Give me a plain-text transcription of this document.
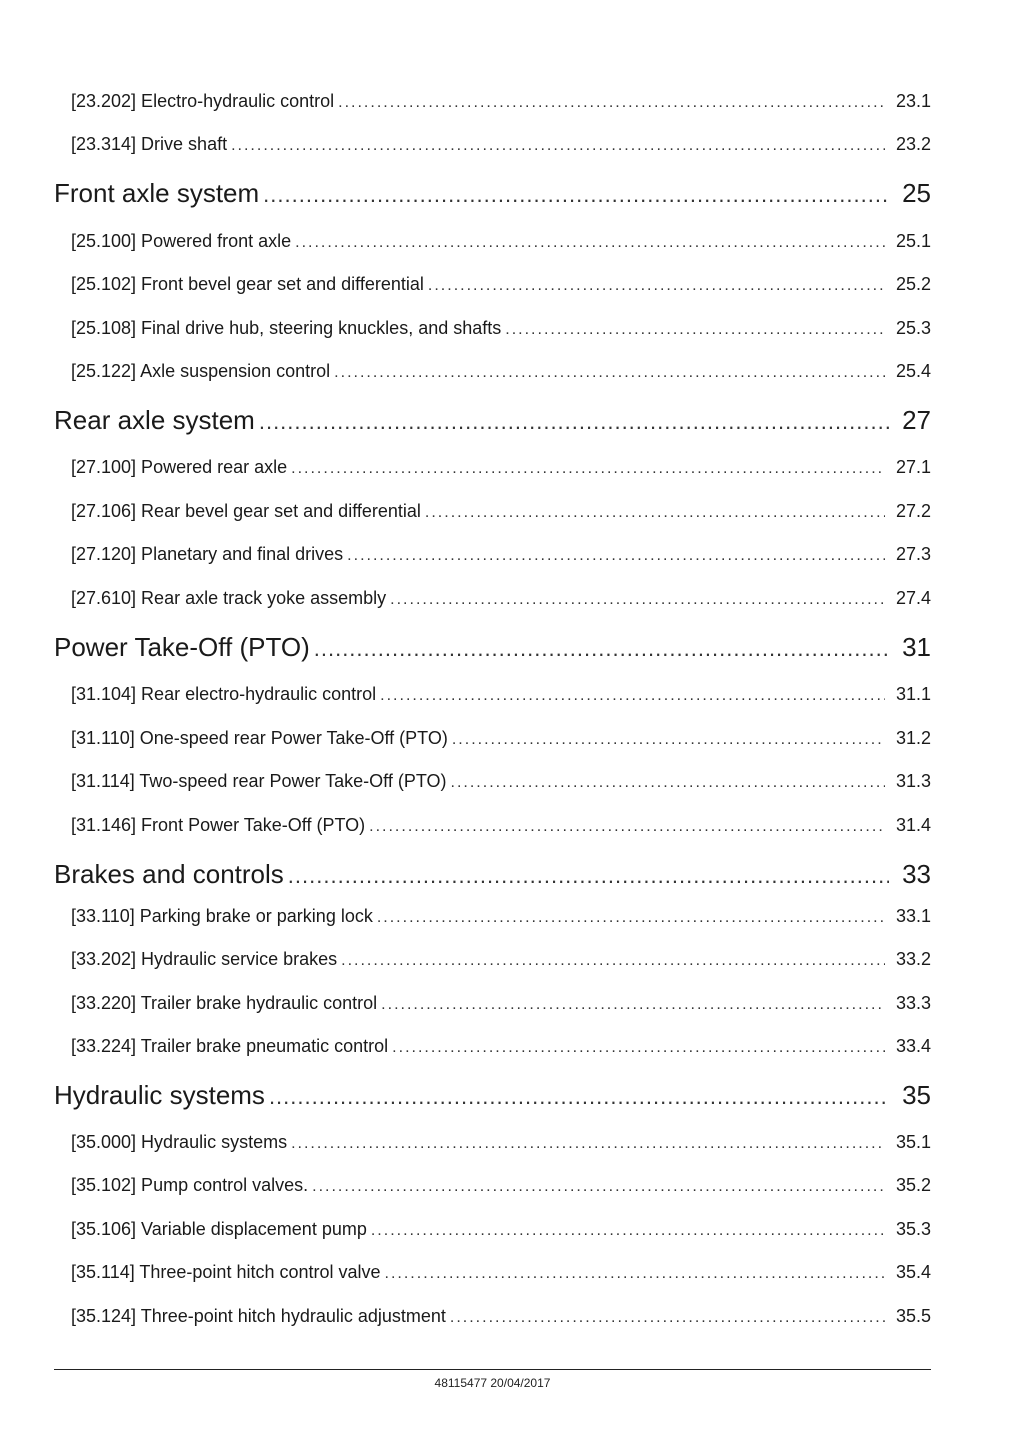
[23.202] Electro-hydraulic control .....	23.1
[23.314] Drive shaft .....	23.2
Front axle system .....	25
[25.100] Powered front axle .....	25.1
[25.102] Front bevel gear set and differential .....	25.2
[25.108] Final drive hub, steering knuckles, and shafts .....	25.3
[25.122] Axle suspension control .....	25.4
Rear axle system .....	27
[27.100] Powered rear axle .....	27.1
[27.106] Rear bevel gear set and differential .....	27.2
[27.120] Planetary and final drives .....	27.3
[27.610] Rear axle track yoke assembly .....	27.4
Power Take-Off (PTO) .....	31
[31.104] Rear electro-hydraulic control .....	31.1
[31.110] One-speed rear Power Take-Off (PTO) .....	31.2
[31.114] Two-speed rear Power Take-Off (PTO) .....	31.3
[31.146] Front Power Take-Off (PTO) .....	31.4
Brakes and controls .....	33
[33.110] Parking brake or parking lock .....	33.1
[33.202] Hydraulic service brakes .....	33.2
[33.220] Trailer brake hydraulic control .....	33.3
[33.224] Trailer brake pneumatic control .....	33.4
Hydraulic systems .....	35
[35.000] Hydraulic systems .....	35.1
[35.102] Pump control valves. .....	35.2
[35.106] Variable displacement pump .....	35.3
[35.114] Three-point hitch control valve .....	35.4
[35.124] Three-point hitch hydraulic adjustment .....	35.5
48115477 20/04/2017
